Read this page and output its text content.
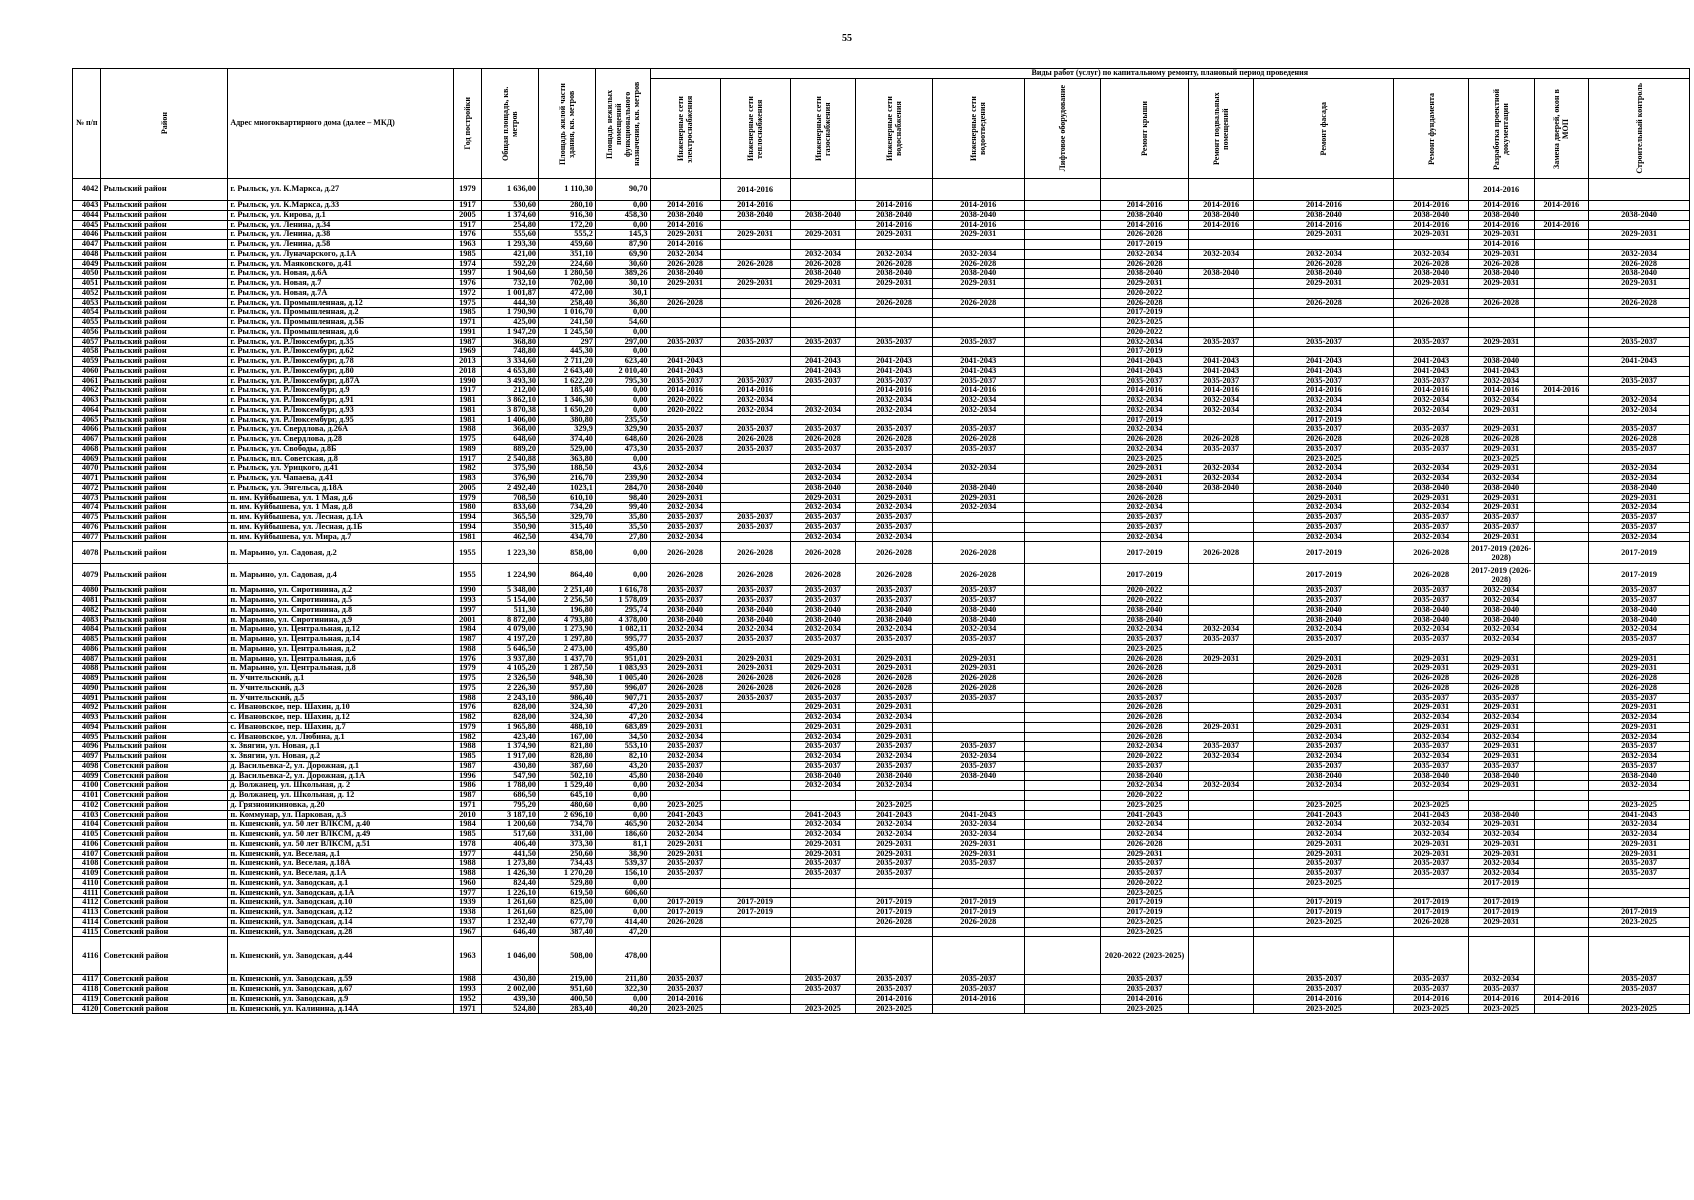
55
№ п/п	Район	Адрес многоквартирного дома (далее – МКД)	Год постройки	Общая площадь, кв. метров	Площадь жилой части здания, кв. метров	Площадь нежилых помещений функционального назначения, кв. метров	Виды работ (услуг) по капитальному ремонту, плановый период проведения												

							Инженерные сети электроснабжения	Инженерные сети теплоснабжения	Инженерные сети газоснабжения	Инженерные сети водоснабжения	Инженерные сети водоотведения	Лифтовое оборудование	Ремонт крыши	Ремонт подвальных помещений	Ремонт фасада	Ремонт фундамента	Разработка проектной документации	Замена дверей, окон в МОП	Строительный контроль

4042	Рыльский район	г. Рыльск, ул. К.Маркса, д.27	1979	1 636,00	1 110,30	90,70		2014-2016									2014-2016		
4043	Рыльский район	г. Рыльск, ул. К.Маркса, д.33	1917	530,60	280,10	0,00	2014-2016	2014-2016		2014-2016	2014-2016		2014-2016	2014-2016	2014-2016	2014-2016	2014-2016	2014-2016	
4044	Рыльский район	г. Рыльск, ул. Кирова, д.1	2005	1 374,60	916,30	458,30	2038-2040	2038-2040	2038-2040	2038-2040	2038-2040		2038-2040	2038-2040	2038-2040	2038-2040	2038-2040		2038-2040
4045	Рыльский район	г. Рыльск, ул. Ленина, д.34	1917	254,80	172,20	0,00	2014-2016			2014-2016	2014-2016		2014-2016	2014-2016	2014-2016	2014-2016	2014-2016	2014-2016	
4046	Рыльский район	г. Рыльск, ул. Ленина, д.38	1976	555,60	555,2	145,3	2029-2031	2029-2031	2029-2031	2029-2031	2029-2031		2026-2028		2029-2031	2029-2031	2029-2031		2029-2031
4047	Рыльский район	г. Рыльск, ул. Ленина, д.58	1963	1 293,30	459,60	87,90	2014-2016						2017-2019				2014-2016		
4048	Рыльский район	г. Рыльск, ул. Луначарского, д.1А	1985	421,00	351,10	69,90	2032-2034		2032-2034	2032-2034	2032-2034		2032-2034	2032-2034	2032-2034	2032-2034	2029-2031		2032-2034
4049	Рыльский район	г. Рыльск, ул. Маяковского, д.41	1974	592,20	224,60	30,60	2026-2028	2026-2028	2026-2028	2026-2028	2026-2028		2026-2028		2026-2028	2026-2028	2026-2028		2026-2028
4050	Рыльский район	г. Рыльск, ул. Новая, д.6А	1997	1 904,60	1 280,50	389,26	2038-2040		2038-2040	2038-2040	2038-2040		2038-2040	2038-2040	2038-2040	2038-2040	2038-2040		2038-2040
4051	Рыльский район	г. Рыльск, ул. Новая, д.7	1976	732,10	702,00	30,10	2029-2031	2029-2031	2029-2031	2029-2031	2029-2031		2029-2031		2029-2031	2029-2031	2029-2031		2029-2031
4052	Рыльский район	г. Рыльск, ул. Новая, д.7А	1972	1 001,87	472,00	30,1							2020-2022						
4053	Рыльский район	г. Рыльск, ул. Промышленная, д.12	1975	444,30	258,40	36,80	2026-2028		2026-2028	2026-2028	2026-2028		2026-2028		2026-2028	2026-2028	2026-2028		2026-2028
4054	Рыльский район	г. Рыльск, ул. Промышленная, д.2	1985	1 790,90	1 016,70	0,00							2017-2019						
4055	Рыльский район	г. Рыльск, ул. Промышленная, д.5Б	1971	425,00	241,50	54,60							2023-2025						
4056	Рыльский район	г. Рыльск, ул. Промышленная, д.6	1991	1 947,20	1 245,50	0,00							2020-2022						
4057	Рыльский район	г. Рыльск, ул. Р.Люксембург, д.35	1987	368,80	297	297,00	2035-2037	2035-2037	2035-2037	2035-2037	2035-2037		2032-2034	2035-2037	2035-2037	2035-2037	2029-2031		2035-2037
4058	Рыльский район	г. Рыльск, ул. Р.Люксембург, д.62	1969	748,80	445,30	0,00							2017-2019						
4059	Рыльский район	г. Рыльск, ул. Р.Люксембург, д.78	2013	3 334,60	2 711,20	623,40	2041-2043		2041-2043	2041-2043	2041-2043		2041-2043	2041-2043	2041-2043	2041-2043	2038-2040		2041-2043
4060	Рыльский район	г. Рыльск, ул. Р.Люксембург, д.80	2018	4 653,80	2 643,40	2 010,40	2041-2043		2041-2043	2041-2043	2041-2043		2041-2043	2041-2043	2041-2043	2041-2043	2041-2043		
4061	Рыльский район	г. Рыльск, ул. Р.Люксембург, д.87А	1990	3 493,30	1 622,20	795,30	2035-2037	2035-2037	2035-2037	2035-2037	2035-2037		2035-2037	2035-2037	2035-2037	2035-2037	2032-2034		2035-2037
4062	Рыльский район	г. Рыльск, ул. Р.Люксембург, д.9	1917	212,00	185,40	0,00	2014-2016	2014-2016		2014-2016	2014-2016		2014-2016	2014-2016	2014-2016	2014-2016	2014-2016	2014-2016	
4063	Рыльский район	г. Рыльск, ул. Р.Люксембург, д.91	1981	3 862,10	1 346,30	0,00	2020-2022	2032-2034		2032-2034	2032-2034		2032-2034	2032-2034	2032-2034	2032-2034	2032-2034		2032-2034
4064	Рыльский район	г. Рыльск, ул. Р.Люксембург, д.93	1981	3 870,38	1 650,20	0,00	2020-2022	2032-2034	2032-2034	2032-2034	2032-2034		2032-2034	2032-2034	2032-2034	2032-2034	2029-2031		2032-2034
4065	Рыльский район	г. Рыльск, ул. Р.Люксембург, д.95	1981	1 406,00	380,80	235,50							2017-2019		2017-2019				
4066	Рыльский район	г. Рыльск, ул. Свердлова, д.26А	1988	368,00	329,9	329,90	2035-2037	2035-2037	2035-2037	2035-2037	2035-2037		2032-2034		2035-2037	2035-2037	2029-2031		2035-2037
4067	Рыльский район	г. Рыльск, ул. Свердлова, д.28	1975	648,60	374,40	648,60	2026-2028	2026-2028	2026-2028	2026-2028	2026-2028		2026-2028	2026-2028	2026-2028	2026-2028	2026-2028		2026-2028
4068	Рыльский район	г. Рыльск, ул. Свободы, д.8Б	1989	889,20	529,00	473,30	2035-2037	2035-2037	2035-2037	2035-2037	2035-2037		2032-2034	2035-2037	2035-2037	2035-2037	2029-2031		2035-2037
4069	Рыльский район	г. Рыльск, пл. Советская, д.8	1917	2 540,88	363,80	0,00							2023-2025		2023-2025		2023-2025		
4070	Рыльский район	г. Рыльск, ул. Урицкого, д.41	1982	375,90	188,50	43,6	2032-2034		2032-2034	2032-2034	2032-2034		2029-2031	2032-2034	2032-2034	2032-2034	2029-2031		2032-2034
4071	Рыльский район	г. Рыльск, ул. Чапаева, д.41	1983	376,90	216,70	239,90	2032-2034		2032-2034	2032-2034			2029-2031	2032-2034	2032-2034	2032-2034	2032-2034		2032-2034
4072	Рыльский район	г. Рыльск, ул. Энгельса, д.18А	2005	2 492,40	1023,1	284,70	2038-2040		2038-2040	2038-2040	2038-2040		2038-2040	2038-2040	2038-2040	2038-2040	2038-2040		2038-2040
4073	Рыльский район	п. им. Куйбышева, ул. 1 Мая, д.6	1979	708,50	610,10	98,40	2029-2031		2029-2031	2029-2031	2029-2031		2026-2028		2029-2031	2029-2031	2029-2031		2029-2031
4074	Рыльский район	п. им. Куйбышева, ул. 1 Мая, д.8	1980	833,60	734,20	99,40	2032-2034		2032-2034	2032-2034	2032-2034		2032-2034		2032-2034	2032-2034	2029-2031		2032-2034
4075	Рыльский район	п. им. Куйбышева, ул. Лесная, д.1А	1994	365,50	329,70	35,80	2035-2037	2035-2037	2035-2037	2035-2037			2035-2037		2035-2037	2035-2037	2035-2037		2035-2037
4076	Рыльский район	п. им. Куйбышева, ул. Лесная, д.1Б	1994	350,90	315,40	35,50	2035-2037	2035-2037	2035-2037	2035-2037			2035-2037		2035-2037	2035-2037	2035-2037		2035-2037
4077	Рыльский район	п. им. Куйбышева, ул. Мира, д.7	1981	462,50	434,70	27,80	2032-2034		2032-2034	2032-2034			2032-2034		2032-2034	2032-2034	2029-2031		2032-2034
4078	Рыльский район	п. Марьино, ул. Садовая, д.2	1955	1 223,30	858,00	0,00	2026-2028	2026-2028	2026-2028	2026-2028	2026-2028		2017-2019	2026-2028	2017-2019	2026-2028	2017-2019 (2026-2028)		2017-2019
4079	Рыльский район	п. Марьино, ул. Садовая, д.4	1955	1 224,90	864,40	0,00	2026-2028	2026-2028	2026-2028	2026-2028	2026-2028		2017-2019		2017-2019	2026-2028	2017-2019 (2026-2028)		2017-2019
4080	Рыльский район	п. Марьино, ул. Сиротинина, д.2	1990	5 348,00	2 251,40	1 616,78	2035-2037	2035-2037	2035-2037	2035-2037	2035-2037		2020-2022		2035-2037	2035-2037	2032-2034		2035-2037
4081	Рыльский район	п. Марьино, ул. Сиротинина, д.5	1993	5 154,00	2 256,50	1 578,09	2035-2037	2035-2037	2035-2037	2035-2037	2035-2037		2020-2022		2035-2037	2035-2037	2032-2034		2035-2037
4082	Рыльский район	п. Марьино, ул. Сиротинина, д.8	1997	511,30	196,80	295,74	2038-2040	2038-2040	2038-2040	2038-2040	2038-2040		2038-2040		2038-2040	2038-2040	2038-2040		2038-2040
4083	Рыльский район	п. Марьино, ул. Сиротинина, д.9	2001	8 872,00	4 793,80	4 378,00	2038-2040	2038-2040	2038-2040	2038-2040	2038-2040		2038-2040		2038-2040	2038-2040	2038-2040		2038-2040
4084	Рыльский район	п. Марьино, ул. Центральная, д.12	1984	4 079,00	1 273,90	1 082,11	2032-2034	2032-2034	2032-2034	2032-2034	2032-2034		2032-2034	2032-2034	2032-2034	2032-2034	2032-2034		2032-2034
4085	Рыльский район	п. Марьино, ул. Центральная, д.14	1987	4 197,20	1 297,80	995,77	2035-2037	2035-2037	2035-2037	2035-2037	2035-2037		2035-2037	2035-2037	2035-2037	2035-2037	2032-2034		2035-2037
4086	Рыльский район	п. Марьино, ул. Центральная, д.2	1988	5 646,50	2 473,00	495,80							2023-2025						
4087	Рыльский район	п. Марьино, ул. Центральная, д.6	1976	3 937,80	1 437,70	951,01	2029-2031	2029-2031	2029-2031	2029-2031	2029-2031		2026-2028	2029-2031	2029-2031	2029-2031	2029-2031		2029-2031
4088	Рыльский район	п. Марьино, ул. Центральная, д.8	1979	4 105,20	1 287,50	1 083,93	2029-2031	2029-2031	2029-2031	2029-2031	2029-2031		2026-2028		2029-2031	2029-2031	2029-2031		2029-2031
4089	Рыльский район	п. Учительский, д.1	1975	2 326,50	948,30	1 005,40	2026-2028	2026-2028	2026-2028	2026-2028	2026-2028		2026-2028		2026-2028	2026-2028	2026-2028		2026-2028
4090	Рыльский район	п. Учительский, д.3	1975	2 226,30	957,80	996,07	2026-2028	2026-2028	2026-2028	2026-2028	2026-2028		2026-2028		2026-2028	2026-2028	2026-2028		2026-2028
4091	Рыльский район	п. Учительский, д.5	1988	2 243,10	986,40	907,71	2035-2037	2035-2037	2035-2037	2035-2037	2035-2037		2035-2037		2035-2037	2035-2037	2035-2037		2035-2037
4092	Рыльский район	с. Ивановское, пер. Шахин, д.10	1976	828,00	324,30	47,20	2029-2031		2029-2031	2029-2031			2026-2028		2029-2031	2029-2031	2029-2031		2029-2031
4093	Рыльский район	с. Ивановское, пер. Шахин, д.12	1982	828,00	324,30	47,20	2032-2034		2032-2034	2032-2034			2026-2028		2032-2034	2032-2034	2032-2034		2032-2034
4094	Рыльский район	с. Ивановское, пер. Шахин, д.7	1979	1 965,80	488,10	683,89	2029-2031		2029-2031	2029-2031			2026-2028	2029-2031	2029-2031	2029-2031	2029-2031		2029-2031
4095	Рыльский район	с. Ивановское, ул. Любина, д.1	1982	423,40	167,00	34,50	2032-2034		2032-2034	2029-2031			2026-2028		2032-2034	2032-2034	2032-2034		2032-2034
4096	Рыльский район	х. Звягин, ул. Новая, д.1	1988	1 374,90	821,80	553,10	2035-2037		2035-2037	2035-2037	2035-2037		2032-2034	2035-2037	2035-2037	2035-2037	2029-2031		2035-2037
4097	Рыльский район	х. Звягин, ул. Новая, д.2	1985	1 917,00	828,80	82,10	2032-2034		2032-2034	2032-2034	2032-2034		2020-2022	2032-2034	2032-2034	2032-2034	2029-2031		2032-2034
4098	Советский район	д. Васильевка-2, ул. Дорожная, д.1	1987	430,80	387,60	43,20	2035-2037		2035-2037	2035-2037	2035-2037		2035-2037		2035-2037	2035-2037	2035-2037		2035-2037
4099	Советский район	д. Васильевка-2, ул. Дорожная, д.1А	1996	547,90	502,10	45,80	2038-2040		2038-2040	2038-2040	2038-2040		2038-2040		2038-2040	2038-2040	2038-2040		2038-2040
4100	Советский район	д. Волжанец, ул. Школьная, д. 2	1986	1 788,00	1 529,40	0,00	2032-2034		2032-2034	2032-2034			2032-2034	2032-2034	2032-2034	2032-2034	2029-2031		2032-2034
4101	Советский район	д. Волжанец, ул. Школьная, д. 12	1987	686,50	645,10	0,00							2020-2022						
4102	Советский район	д. Грязноникиновка, д.20	1971	795,20	480,60	0,00	2023-2025			2023-2025			2023-2025		2023-2025	2023-2025			2023-2025
4103	Советский район	п. Коммунар, ул. Парковая, д.3	2010	3 187,10	2 696,10	0,00	2041-2043		2041-2043	2041-2043	2041-2043		2041-2043		2041-2043	2041-2043	2038-2040		2041-2043
4104	Советский район	п. Кшенский, ул. 50 лет ВЛКСМ, д.40	1984	1 200,60	734,70	465,90	2032-2034		2032-2034	2032-2034	2032-2034		2032-2034		2032-2034	2032-2034	2029-2031		2032-2034
4105	Советский район	п. Кшенский, ул. 50 лет ВЛКСМ, д.49	1985	517,60	331,00	186,60	2032-2034		2032-2034	2032-2034	2032-2034		2032-2034		2032-2034	2032-2034	2032-2034		2032-2034
4106	Советский район	п. Кшенский, ул. 50 лет ВЛКСМ, д.51	1978	406,40	373,30	81,1	2029-2031		2029-2031	2029-2031	2029-2031		2026-2028		2029-2031	2029-2031	2029-2031		2029-2031
4107	Советский район	п. Кшенский, ул. Веселая, д.1	1977	441,50	250,60	38,90	2029-2031		2029-2031	2029-2031	2029-2031		2029-2031		2029-2031	2029-2031	2029-2031		2029-2031
4108	Советский район	п. Кшенский, ул. Веселая, д.18А	1988	1 273,80	734,43	539,37	2035-2037		2035-2037	2035-2037	2035-2037		2035-2037		2035-2037	2035-2037	2032-2034		2035-2037
4109	Советский район	п. Кшенский, ул. Веселая, д.1А	1988	1 426,30	1 270,20	156,10	2035-2037		2035-2037	2035-2037			2035-2037		2035-2037	2035-2037	2032-2034		2035-2037
4110	Советский район	п. Кшенский, ул. Заводская, д.1	1960	824,40	529,80	0,00							2020-2022		2023-2025		2017-2019		
4111	Советский район	п. Кшенский, ул. Заводская, д.1А	1977	1 226,10	619,50	606,60							2023-2025						
4112	Советский район	п. Кшенский, ул. Заводская, д.10	1939	1 261,60	825,00	0,00	2017-2019	2017-2019		2017-2019	2017-2019		2017-2019		2017-2019	2017-2019	2017-2019		
4113	Советский район	п. Кшенский, ул. Заводская, д.12	1938	1 261,60	825,00	0,00	2017-2019	2017-2019		2017-2019	2017-2019		2017-2019		2017-2019	2017-2019	2017-2019		2017-2019
4114	Советский район	п. Кшенский, ул. Заводская, д.14	1937	1 232,40	677,70	414,40	2026-2028			2026-2028	2026-2028		2023-2025		2023-2025	2026-2028	2029-2031		2023-2025
4115	Советский район	п. Кшенский, ул. Заводская, д.28	1967	646,40	387,40	47,20							2023-2025						
4116	Советский район	п. Кшенский, ул. Заводская, д.44	1963	1 046,00	508,00	478,00							2020-2022 (2023-2025)						
4117	Советский район	п. Кшенский, ул. Заводская, д.59	1988	430,80	219,00	211,80	2035-2037		2035-2037	2035-2037	2035-2037		2035-2037		2035-2037	2035-2037	2032-2034		2035-2037
4118	Советский район	п. Кшенский, ул. Заводская, д.67	1993	2 002,00	951,60	322,30	2035-2037		2035-2037	2035-2037	2035-2037		2035-2037		2035-2037	2035-2037	2035-2037		2035-2037
4119	Советский район	п. Кшенский, ул. Заводская, д.9	1952	439,30	400,50	0,00	2014-2016			2014-2016	2014-2016		2014-2016		2014-2016	2014-2016	2014-2016	2014-2016	
4120	Советский район	п. Кшенский, ул. Калинина, д.14А	1971	524,80	283,40	40,20	2023-2025		2023-2025	2023-2025			2023-2025		2023-2025	2023-2025	2023-2025		2023-2025
